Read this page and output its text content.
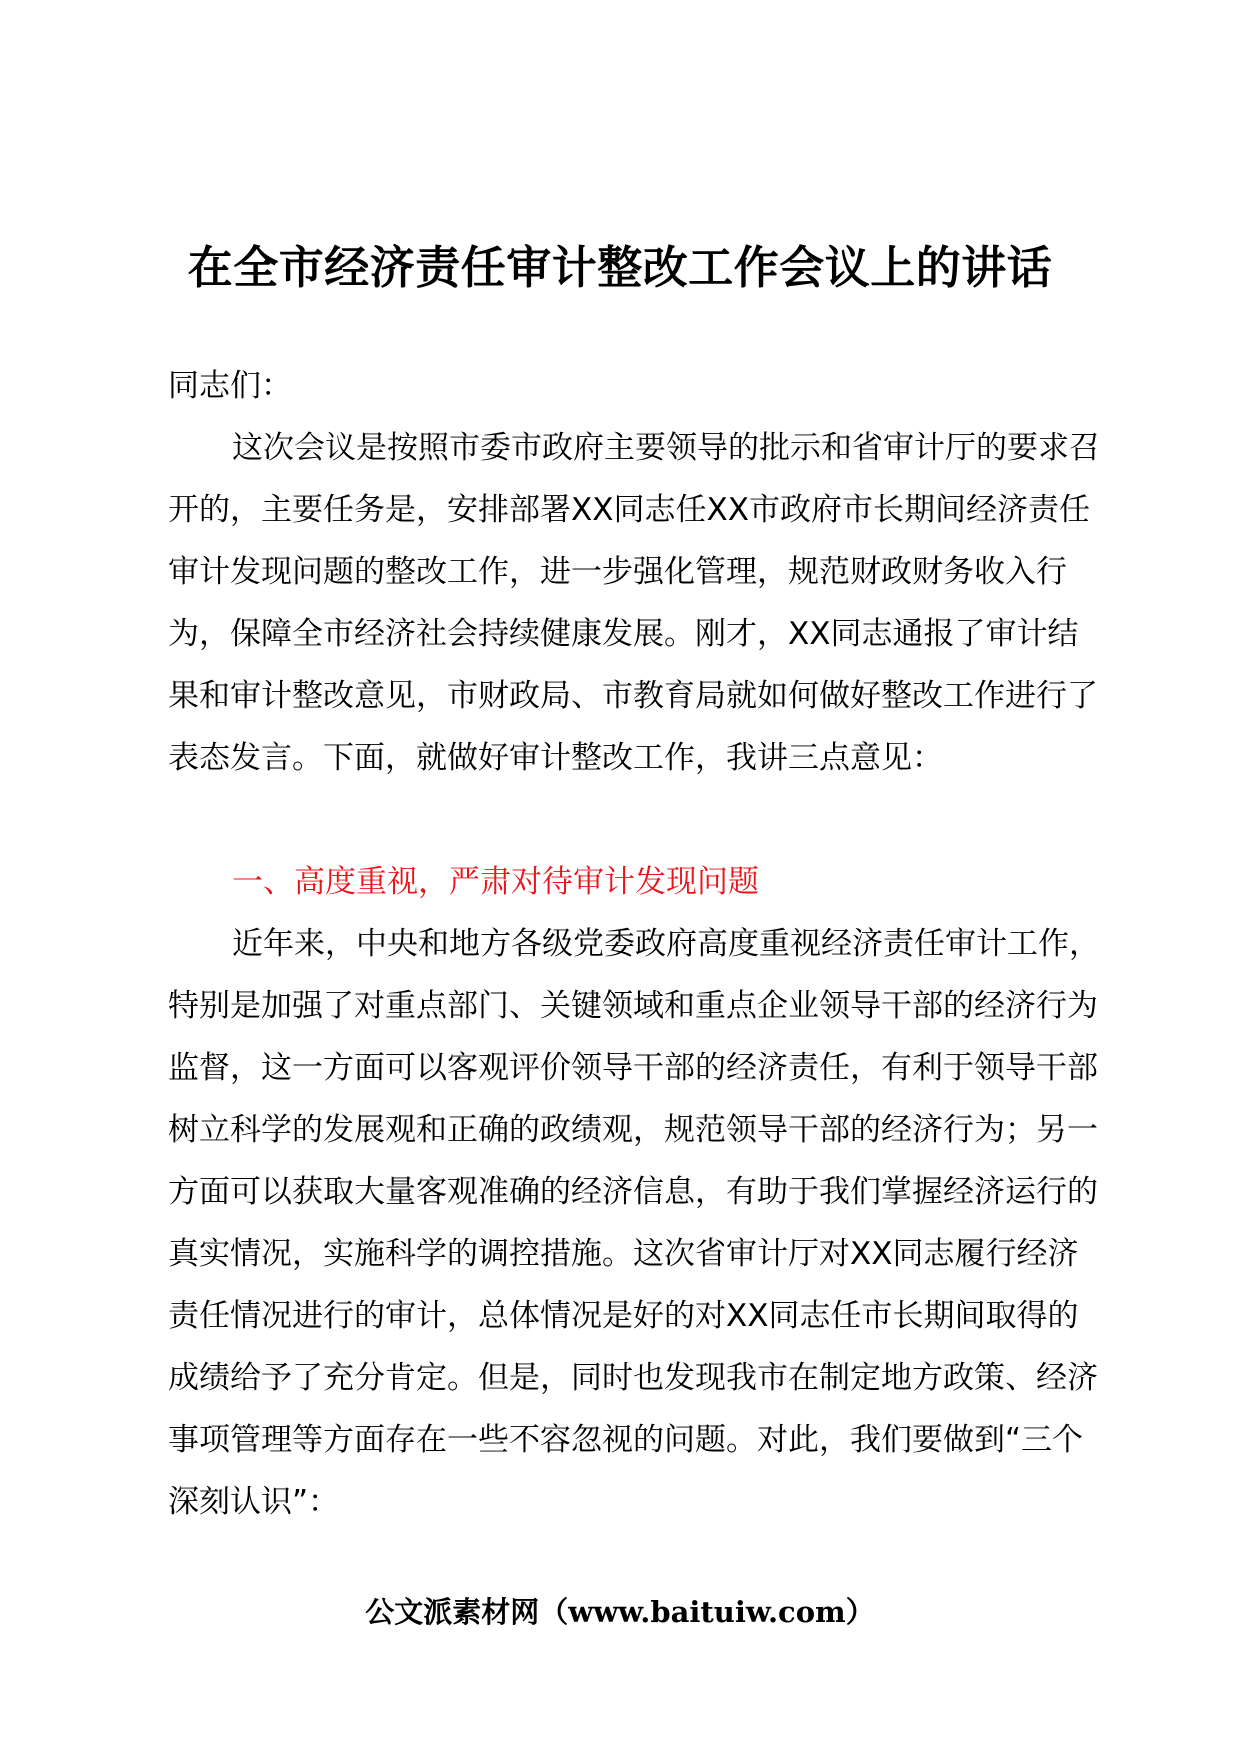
在全市经济责任审计整改工作会议上的讲话

同志们：

这次会议是按照市委市政府主要领导的批示和省审计厅的要求召开的，主要任务是，安排部署XX同志任XX市政府市长期间经济责任审计发现问题的整改工作，进一步强化管理，规范财政财务收入行为，保障全市经济社会持续健康发展。刚才，XX同志通报了审计结果和审计整改意见，市财政局、市教育局就如何做好整改工作进行了表态发言。下面，就做好审计整改工作，我讲三点意见：

一、高度重视，严肃对待审计发现问题

近年来，中央和地方各级党委政府高度重视经济责任审计工作，特别是加强了对重点部门、关键领域和重点企业领导干部的经济行为监督，这一方面可以客观评价领导干部的经济责任，有利于领导干部树立科学的发展观和正确的政绩观，规范领导干部的经济行为；另一方面可以获取大量客观准确的经济信息，有助于我们掌握经济运行的真实情况，实施科学的调控措施。这次省审计厅对XX同志履行经济责任情况进行的审计，总体情况是好的对XX同志任市长期间取得的成绩给予了充分肯定。但是，同时也发现我市在制定地方政策、经济事项管理等方面存在一些不容忽视的问题。对此，我们要做到“三个深刻认识”：

公文派素材网（www.baituiw.com）
